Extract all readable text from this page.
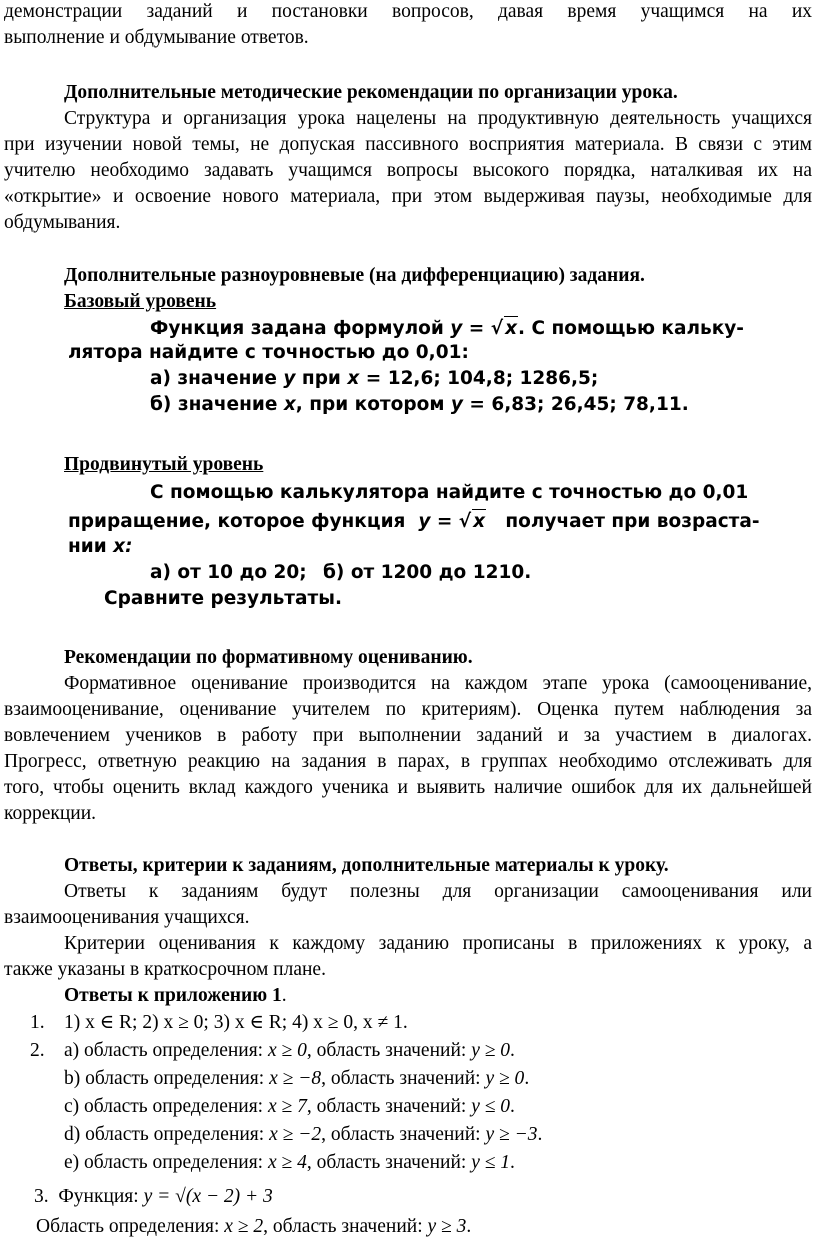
демонстрации заданий и постановки вопросов, давая время учащимся на их
выполнение и обдумывание ответов.
Дополнительные методические рекомендации по организации урока.
Структура и организация урока нацелены на продуктивную деятельность учащихся
при изучении новой темы, не допуская пассивного восприятия материала. В связи с этим
учителю необходимо задавать учащимся вопросы высокого порядка, наталкивая их на
«открытие» и освоение нового материала, при этом выдерживая паузы, необходимые для
обдумывания.
Дополнительные разноуровневые (на дифференциацию) задания.
Базовый уровень
Функция задана формулой y = √ x. С помощью кальку-
лятора найдите с точностью до 0,01:
а) значение y при x = 12,6; 104,8; 1286,5;
б) значение x, при котором y = 6,83; 26,45; 78,11.
Продвинутый уровень
С помощью калькулятора найдите с точностью до 0,01
приращение, которое функция y = √ x получает при возраста-
нии x:
а) от 10 до 20; б) от 1200 до 1210.
Сравните результаты.
Рекомендации по формативному оцениванию.
Формативное оценивание производится на каждом этапе урока (самооценивание,
взаимооценивание, оценивание учителем по критериям). Оценка путем наблюдения за
вовлечением учеников в работу при выполнении заданий и за участием в диалогах.
Прогресс, ответную реакцию на задания в парах, в группах необходимо отслеживать для
того, чтобы оценить вклад каждого ученика и выявить наличие ошибок для их дальнейшей
коррекции.
Ответы, критерии к заданиям, дополнительные материалы к уроку.
Ответы к заданиям будут полезны для организации самооценивания или
взаимооценивания учащихся.
Критерии оценивания к каждому заданию прописаны в приложениях к уроку, а
также указаны в краткосрочном плане.
Ответы к приложению 1.
1. 1) x ∈ R; 2) x ≥ 0; 3) x ∈ R; 4) x ≥ 0, x ≠ 1.
2. a) область определения: x ≥ 0, область значений: y ≥ 0.
b) область определения: x ≥ −8, область значений: y ≥ 0.
c) область определения: x ≥ 7, область значений: y ≤ 0.
d) область определения: x ≥ −2, область значений: y ≥ −3.
e) область определения: x ≥ 4, область значений: y ≤ 1.
3. Функция: y = √(x − 2) + 3
Область определения: x ≥ 2, область значений: y ≥ 3.
